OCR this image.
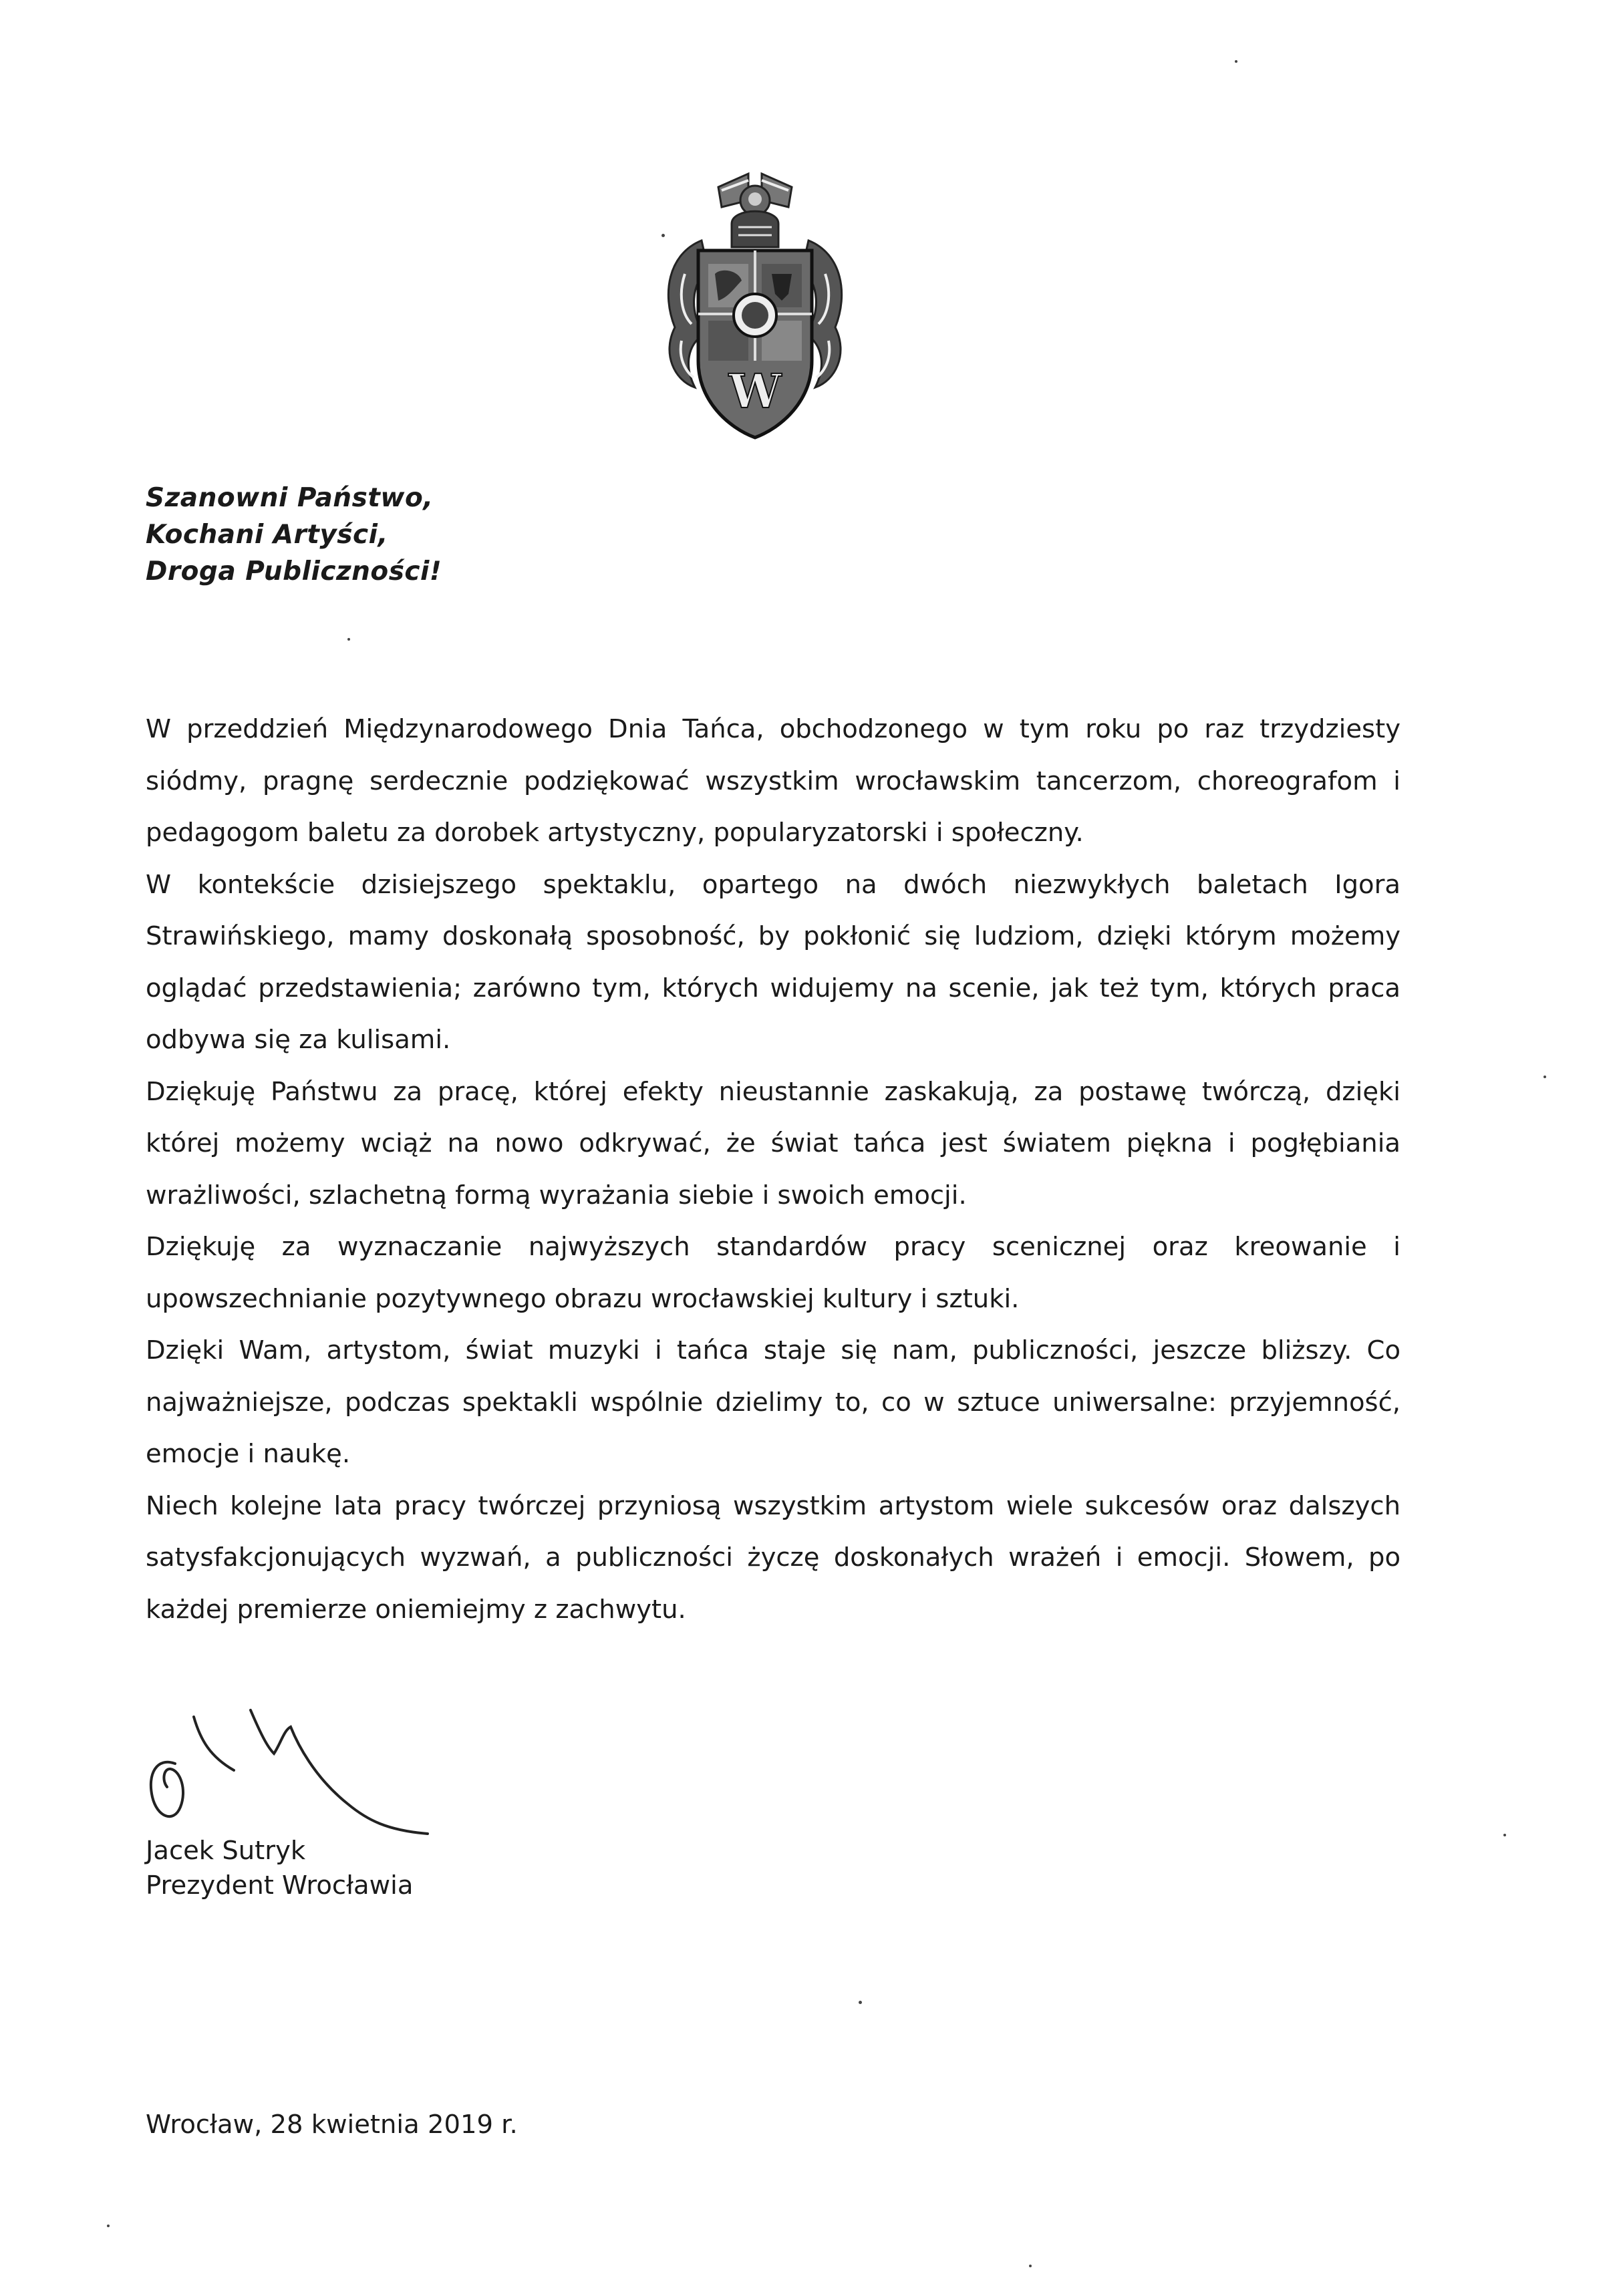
W
Szanowni Państwo,
Kochani Artyści,
Droga Publiczności!

W przeddzień Międzynarodowego Dnia Tańca, obchodzonego w tym roku po raz trzydziesty siódmy, pragnę serdecznie podziękować wszystkim wrocławskim tancerzom, choreografom i pedagogom baletu za dorobek artystyczny, popularyzatorski i społeczny.

W kontekście dzisiejszego spektaklu, opartego na dwóch niezwykłych baletach Igora Strawińskiego, mamy doskonałą sposobność, by pokłonić się ludziom, dzięki którym możemy oglądać przedstawienia; zarówno tym, których widujemy na scenie, jak też tym, których praca odbywa się za kulisami.

Dziękuję Państwu za pracę, której efekty nieustannie zaskakują, za postawę twórczą, dzięki której możemy wciąż na nowo odkrywać, że świat tańca jest światem piękna i pogłębiania wrażliwości, szlachetną formą wyrażania siebie i swoich emocji.

Dziękuję za wyznaczanie najwyższych standardów pracy scenicznej oraz kreowanie i upowszechnianie pozytywnego obrazu wrocławskiej kultury i sztuki.

Dzięki Wam, artystom, świat muzyki i tańca staje się nam, publiczności, jeszcze bliższy. Co najważniejsze, podczas spektakli wspólnie dzielimy to, co w sztuce uniwersalne: przyjemność, emocje i naukę.

Niech kolejne lata pracy twórczej przyniosą wszystkim artystom wiele sukcesów oraz dalszych satysfakcjonujących wyzwań, a publiczności życzę doskonałych wrażeń i emocji. Słowem, po każdej premierze oniemiejmy z zachwytu.

Jacek Sutryk
Prezydent Wrocławia
Wrocław, 28 kwietnia 2019 r.
